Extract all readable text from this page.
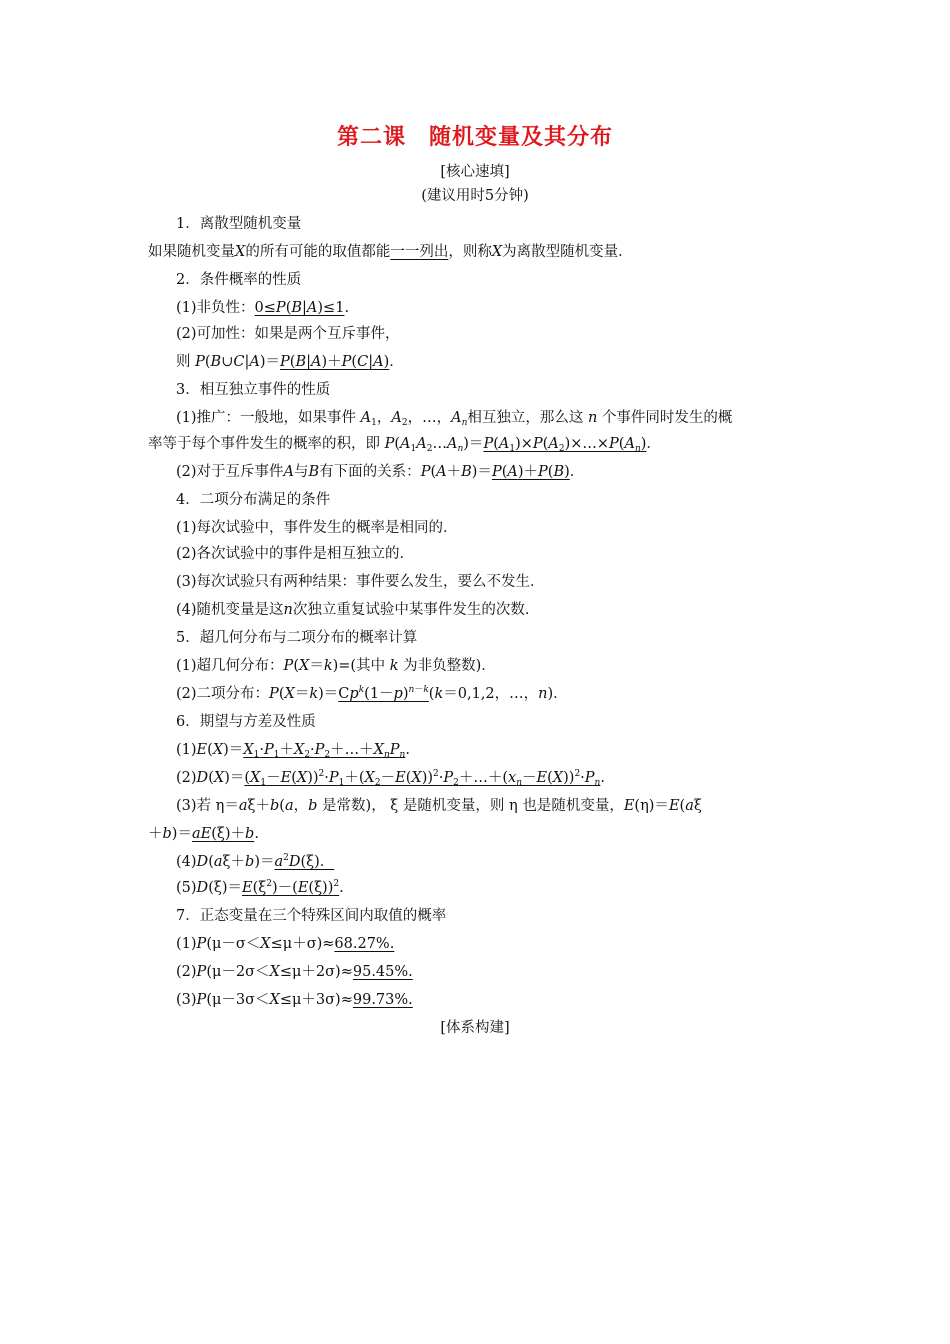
第二课　随机变量及其分布
[核心速填]
(建议用时5分钟)
1．离散型随机变量
如果随机变量X的所有可能的取值都能一一列出，则称X为离散型随机变量．
2．条件概率的性质
(1)非负性：0≤P(B|A)≤1.
(2)可加性：如果是两个互斥事件，
则 P(B∪C|A)＝P(B|A)＋P(C|A)．
3．相互独立事件的性质
(1)推广：一般地，如果事件 $A_1$，$A_2$，…，$A_n$相互独立，那么这 n 个事件同时发生的概
率等于每个事件发生的概率的积，即 $P(A_1A_2\dots A_n)=P(A_1)\times P(A_2)\times\dots\times P(A_n)$．
(2)对于互斥事件A与B有下面的关系：P(A＋B)＝P(A)＋P(B)．
4．二项分布满足的条件
(1)每次试验中，事件发生的概率是相同的．
(2)各次试验中的事件是相互独立的．
(3)每次试验只有两种结果：事件要么发生，要么不发生．
(4)随机变量是这n次独立重复试验中某事件发生的次数．
5．超几何分布与二项分布的概率计算
(1)超几何分布：P(X＝k)=(其中 k 为非负整数)．
(2)二项分布：$P(X=k)=Cp^k(1-p)^{n-k}(k=0,1,2$，…，n)．
6．期望与方差及性质
$(1)E(X)=X_1\cdot P_1+X_2\cdot P_2+\dots+X_nP_n$.
$(2)D(X)=(X_1-E(X))^2\cdot P_1+(X_2-E(X))^2\cdot P_2+\dots+(x_n-E(X))^2\cdot P_n$.
(3)若 η＝aξ＋b(a，b 是常数)， ξ 是随机变量，则 η 也是随机变量，E(η)＝E(aξ
＋b)＝aE(ξ)＋b.
$(4)D(a\xi+b)=a^2D(\xi)$．
$(5)D(\xi)=E(\xi^2)-(E(\xi))^2$.
7．正态变量在三个特殊区间内取值的概率
(1)P(μ－σ＜X≤μ＋σ)≈68.27%.
(2)P(μ－2σ＜X≤μ＋2σ)≈95.45%.
(3)P(μ－3σ＜X≤μ＋3σ)≈99.73%.
[体系构建]
